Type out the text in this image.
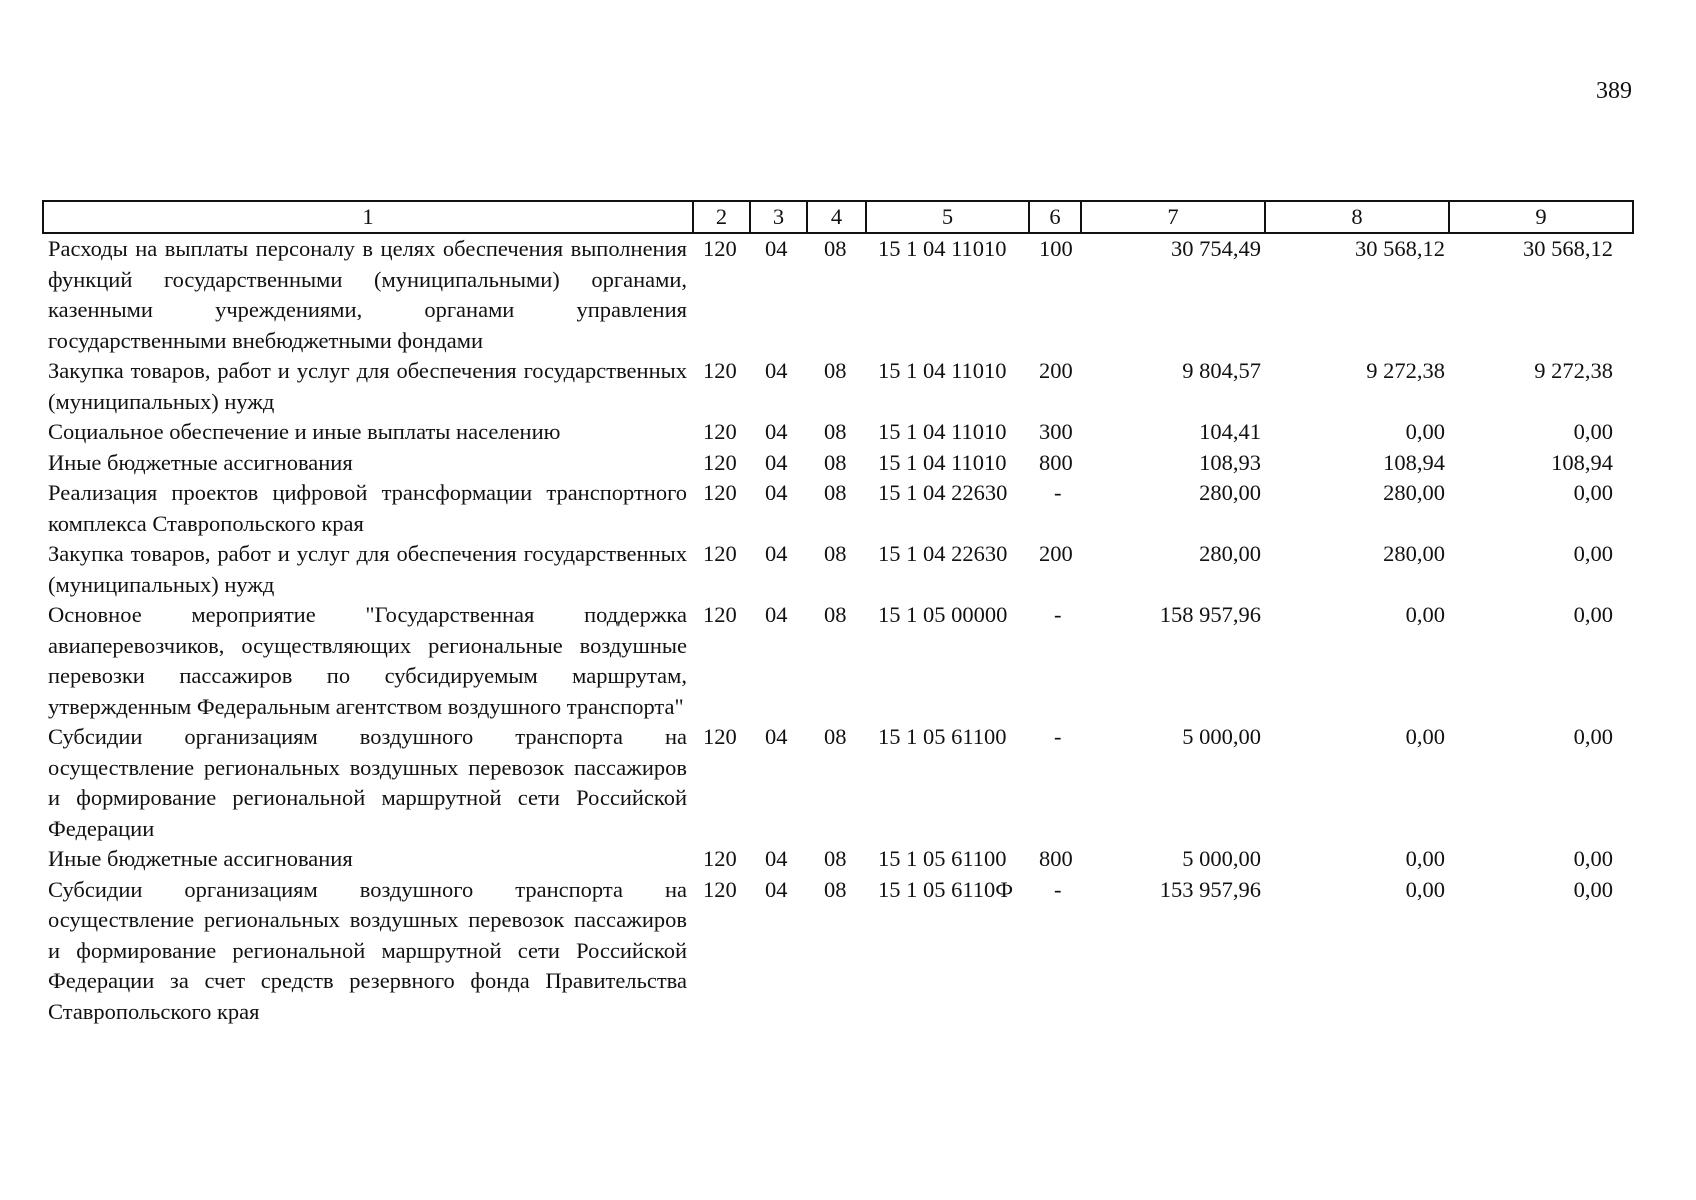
389
1	2	3	4	5	6	7	8	9
Расходы на выплаты персоналу в целях обеспечения выполнения функций государственными (муниципальными) органами, казенными учреждениями, органами управления государственными внебюджетными фондами	120	04	08	15 1 04 11010	100	30 754,49	30 568,12	30 568,12
Закупка товаров, работ и услуг для обеспечения государственных (муниципальных) нужд	120	04	08	15 1 04 11010	200	9 804,57	9 272,38	9 272,38
Социальное обеспечение и иные выплаты населению	120	04	08	15 1 04 11010	300	104,41	0,00	0,00
Иные бюджетные ассигнования	120	04	08	15 1 04 11010	800	108,93	108,94	108,94
Реализация проектов цифровой трансформации транспортного комплекса Ставропольского края	120	04	08	15 1 04 22630	-	280,00	280,00	0,00
Закупка товаров, работ и услуг для обеспечения государственных (муниципальных) нужд	120	04	08	15 1 04 22630	200	280,00	280,00	0,00
Основное мероприятие "Государственная поддержка авиаперевозчиков, осуществляющих региональные воздушные перевозки пассажиров по субсидируемым маршрутам, утвержденным Федеральным агентством воздушного транспорта"	120	04	08	15 1 05 00000	-	158 957,96	0,00	0,00
Субсидии организациям воздушного транспорта на осуществление региональных воздушных перевозок пассажиров и формирование региональной маршрутной сети Российской Федерации	120	04	08	15 1 05 61100	-	5 000,00	0,00	0,00
Иные бюджетные ассигнования	120	04	08	15 1 05 61100	800	5 000,00	0,00	0,00
Субсидии организациям воздушного транспорта на осуществление региональных воздушных перевозок пассажиров и формирование региональной маршрутной сети Российской Федерации за счет средств резервного фонда Правительства Ставропольского края	120	04	08	15 1 05 6110Ф	-	153 957,96	0,00	0,00
